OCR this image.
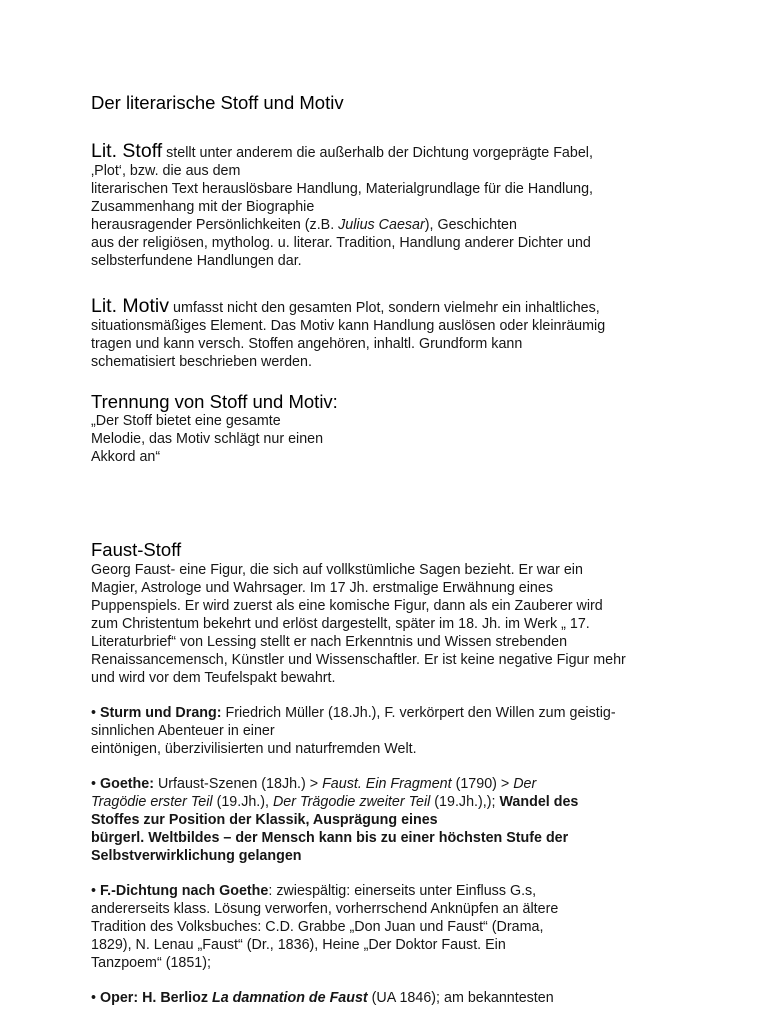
Der literarische Stoff und Motiv

Lit. Stoff stellt unter anderem die außerhalb der Dichtung vorgeprägte Fabel,

‚Plot‘, bzw. die aus dem

literarischen Text herauslösbare Handlung, Materialgrundlage für die Handlung,

Zusammenhang mit der Biographie

herausragender Persönlichkeiten (z.B. Julius Caesar), Geschichten

aus der religiösen, mytholog. u. literar. Tradition, Handlung anderer Dichter und

selbsterfundene Handlungen dar.

Lit. Motiv umfasst nicht den gesamten Plot, sondern vielmehr ein inhaltliches,

situationsmäßiges Element. Das Motiv kann Handlung auslösen oder kleinräumig

tragen und kann versch. Stoffen angehören, inhaltl. Grundform kann

schematisiert beschrieben werden.

Trennung von Stoff und Motiv:

„Der Stoff bietet eine gesamte

Melodie, das Motiv schlägt nur einen

Akkord an“

Faust-Stoff

Georg Faust- eine Figur, die sich auf vollkstümliche Sagen bezieht. Er war ein

Magier, Astrologe und Wahrsager. Im 17 Jh. erstmalige Erwähnung eines

Puppenspiels. Er wird zuerst als eine komische Figur, dann als ein Zauberer wird

zum Christentum bekehrt und erlöst dargestellt, später im 18. Jh. im Werk „ 17.

Literaturbrief“ von Lessing stellt er nach Erkenntnis und Wissen strebenden

Renaissancemensch, Künstler und Wissenschaftler. Er ist keine negative Figur mehr

und wird vor dem Teufelspakt bewahrt.

• Sturm und Drang: Friedrich Müller (18.Jh.), F. verkörpert den Willen zum geistig-

sinnlichen Abenteuer in einer

eintönigen, überzivilisierten und naturfremden Welt.

• Goethe: Urfaust-Szenen (18Jh.) > Faust. Ein Fragment (1790) > Der

Tragödie erster Teil (19.Jh.), Der Trägodie zweiter Teil (19.Jh.),); Wandel des

Stoffes zur Position der Klassik, Ausprägung eines

bürgerl. Weltbildes – der Mensch kann bis zu einer höchsten Stufe der

Selbstverwirklichung gelangen

• F.-Dichtung nach Goethe: zwiespältig: einerseits unter Einfluss G.s,

andererseits klass. Lösung verworfen, vorherrschend Anknüpfen an ältere

Tradition des Volksbuches: C.D. Grabbe „Don Juan und Faust“ (Drama,

1829), N. Lenau „Faust“ (Dr., 1836), Heine „Der Doktor Faust. Ein

Tanzpoem“ (1851);

• Oper: H. Berlioz La damnation de Faust (UA 1846); am bekanntesten
